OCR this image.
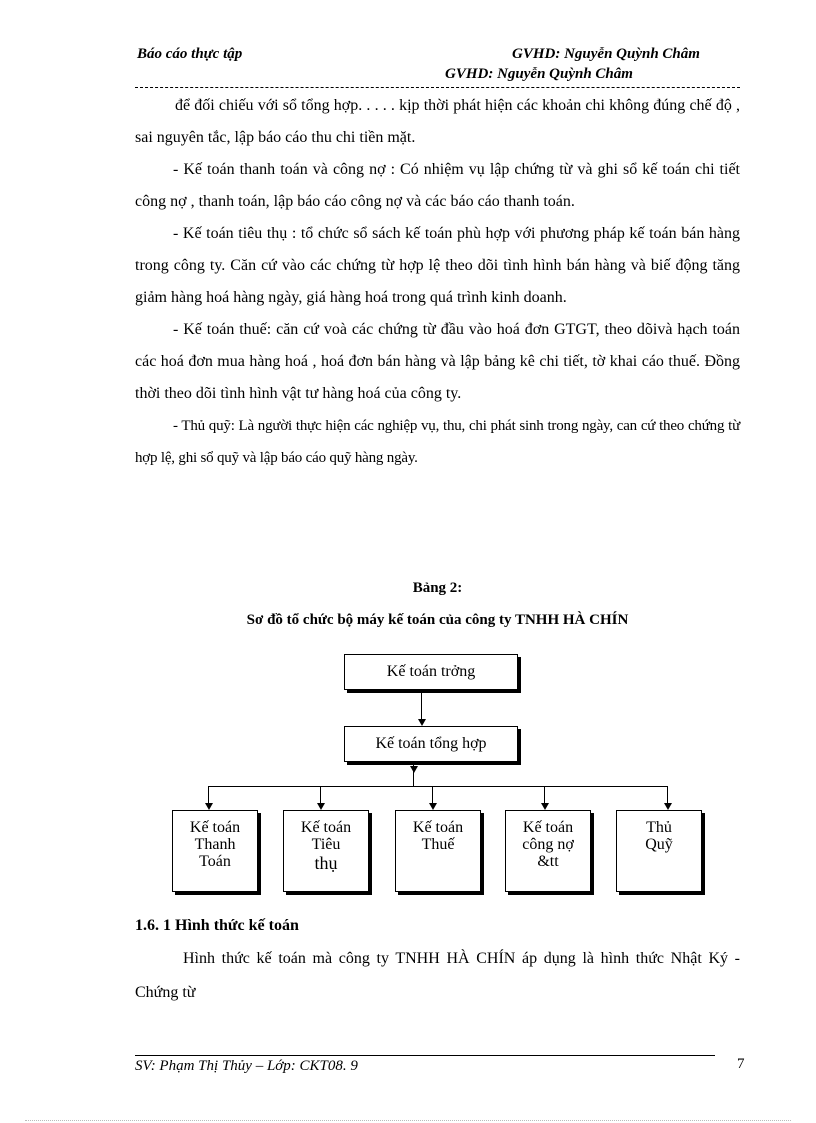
Báo cáo thực tập	GVHD: Nguyễn Quỳnh Châm
GVHD: Nguyễn Quỳnh Châm

để đối chiếu với sổ tổng hợp. . . . . kịp thời phát hiện các khoản chi không đúng chế độ , sai nguyên tắc, lập báo cáo thu chi tiền mặt.

- Kế toán thanh toán và công nợ : Có nhiệm vụ lập chứng từ và ghi sổ kế toán chi tiết công nợ , thanh toán, lập báo cáo công nợ và các báo cáo thanh toán.

- Kế toán tiêu thụ : tổ chức sổ sách kế toán phù hợp với phương pháp kế toán bán hàng trong công ty. Căn cứ vào các chứng từ hợp lệ theo dõi tình hình bán hàng và biế động tăng giảm hàng hoá hàng ngày, giá hàng hoá trong quá trình kinh doanh.

- Kế toán thuế: căn cứ voà các chứng từ đầu vào hoá đơn GTGT, theo dõivà hạch toán các hoá đơn mua hàng hoá , hoá đơn bán hàng và lập bảng kê chi tiết, tờ khai cáo thuế. Đồng thời theo dõi tình hình vật tư hàng hoá của công ty.

- Thủ quỹ: Là người thực hiện các nghiệp vụ, thu, chi phát sinh trong ngày, can cứ theo chứng từ hợp lệ, ghi sổ quỹ và lập báo cáo quỹ hàng ngày.

Bảng 2:
Sơ đồ tổ chức bộ máy kế toán của công ty TNHH HÀ CHÍN
Kế toán trởng
Kế toán tổng hợp
Kế toán
Thanh
Toán
Kế toán
Tiêu
thụ
Kế toán
Thuế
Kế toán
công nợ
&tt
Thủ
Quỹ
1.6. 1 Hình thức kế toán

Hình thức kế toán mà công ty TNHH HÀ CHÍN áp dụng là hình thức Nhật Ký - Chứng từ

SV: Phạm Thị Thủy – Lớp: CKT08. 9	7
